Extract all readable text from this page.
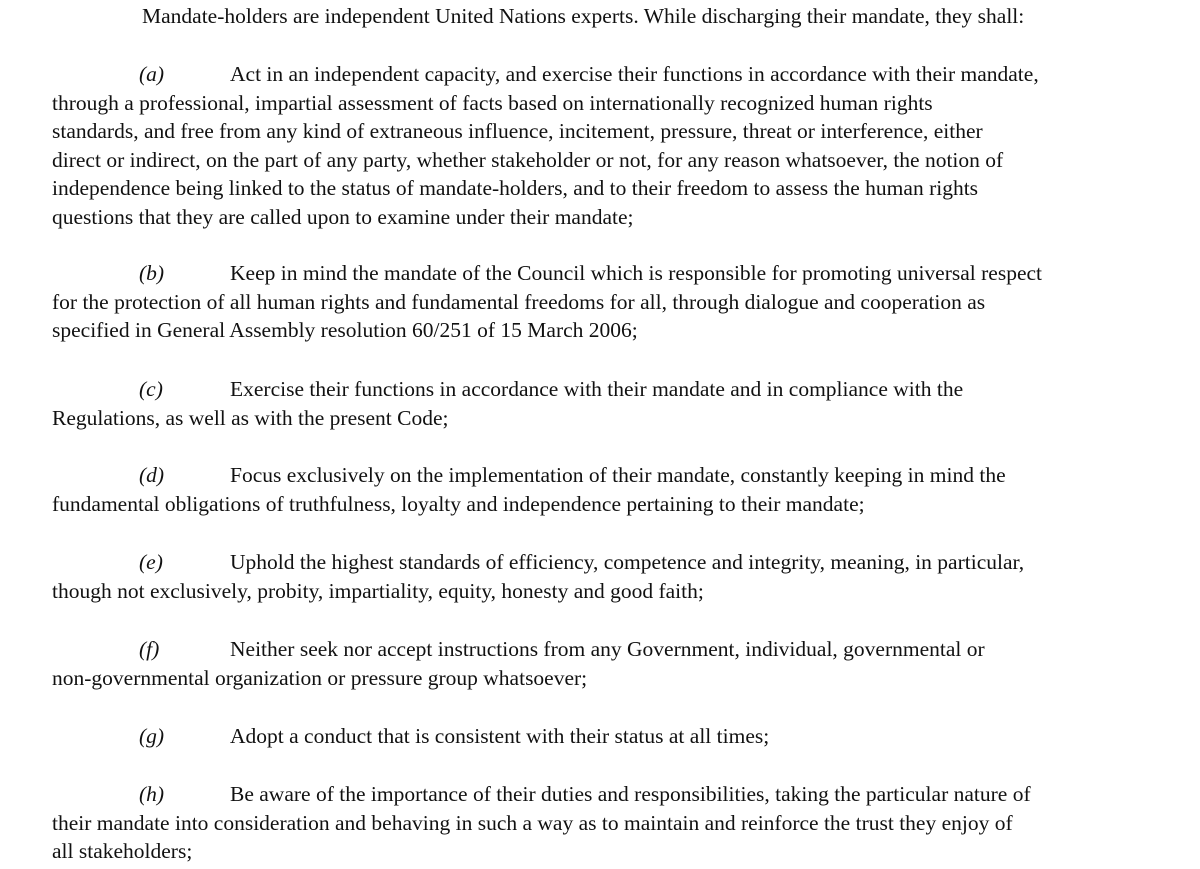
Mandate-holders are independent United Nations experts. While discharging their mandate, they shall:

(a)	Act in an independent capacity, and exercise their functions in accordance with their mandate,
through a professional, impartial assessment of facts based on internationally recognized human rights
standards, and free from any kind of extraneous influence, incitement, pressure, threat or interference, either
direct or indirect, on the part of any party, whether stakeholder or not, for any reason whatsoever, the notion of
independence being linked to the status of mandate-holders, and to their freedom to assess the human rights
questions that they are called upon to examine under their mandate;

(b)	Keep in mind the mandate of the Council which is responsible for promoting universal respect
for the protection of all human rights and fundamental freedoms for all, through dialogue and cooperation as
specified in General Assembly resolution 60/251 of 15 March 2006;

(c)	Exercise their functions in accordance with their mandate and in compliance with the
Regulations, as well as with the present Code;

(d)	Focus exclusively on the implementation of their mandate, constantly keeping in mind the
fundamental obligations of truthfulness, loyalty and independence pertaining to their mandate;

(e)	Uphold the highest standards of efficiency, competence and integrity, meaning, in particular,
though not exclusively, probity, impartiality, equity, honesty and good faith;

(f)	Neither seek nor accept instructions from any Government, individual, governmental or
non-governmental organization or pressure group whatsoever;

(g)	Adopt a conduct that is consistent with their status at all times;

(h)	Be aware of the importance of their duties and responsibilities, taking the particular nature of
their mandate into consideration and behaving in such a way as to maintain and reinforce the trust they enjoy of
all stakeholders;
